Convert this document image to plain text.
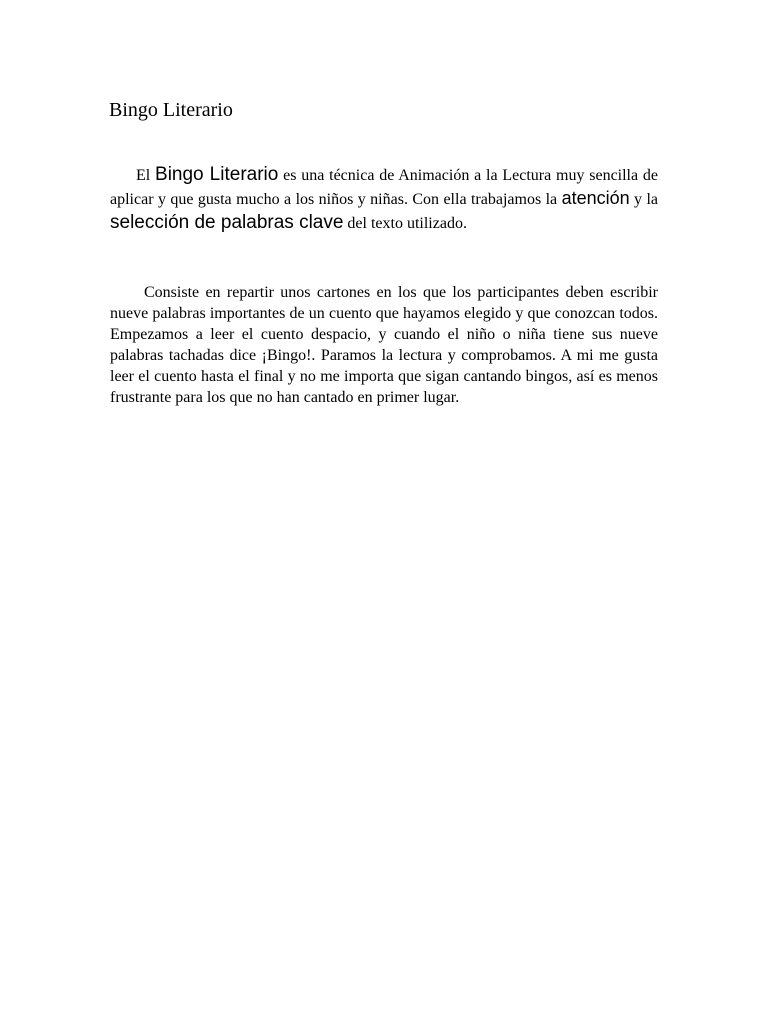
Bingo Literario

El Bingo Literario es una técnica de Animación a la Lectura muy sencilla de aplicar y que gusta mucho a los niños y niñas. Con ella trabajamos la atención y la selección de palabras clave del texto utilizado.

Consiste en repartir unos cartones en los que los participantes deben escribir nueve palabras importantes de un cuento que hayamos elegido y que conozcan todos. Empezamos a leer el cuento despacio, y cuando el niño o niña tiene sus nueve palabras tachadas dice ¡Bingo!. Paramos la lectura y comprobamos. A mi me gusta leer el cuento hasta el final y no me importa que sigan cantando bingos, así es menos frustrante para los que no han cantado en primer lugar.
